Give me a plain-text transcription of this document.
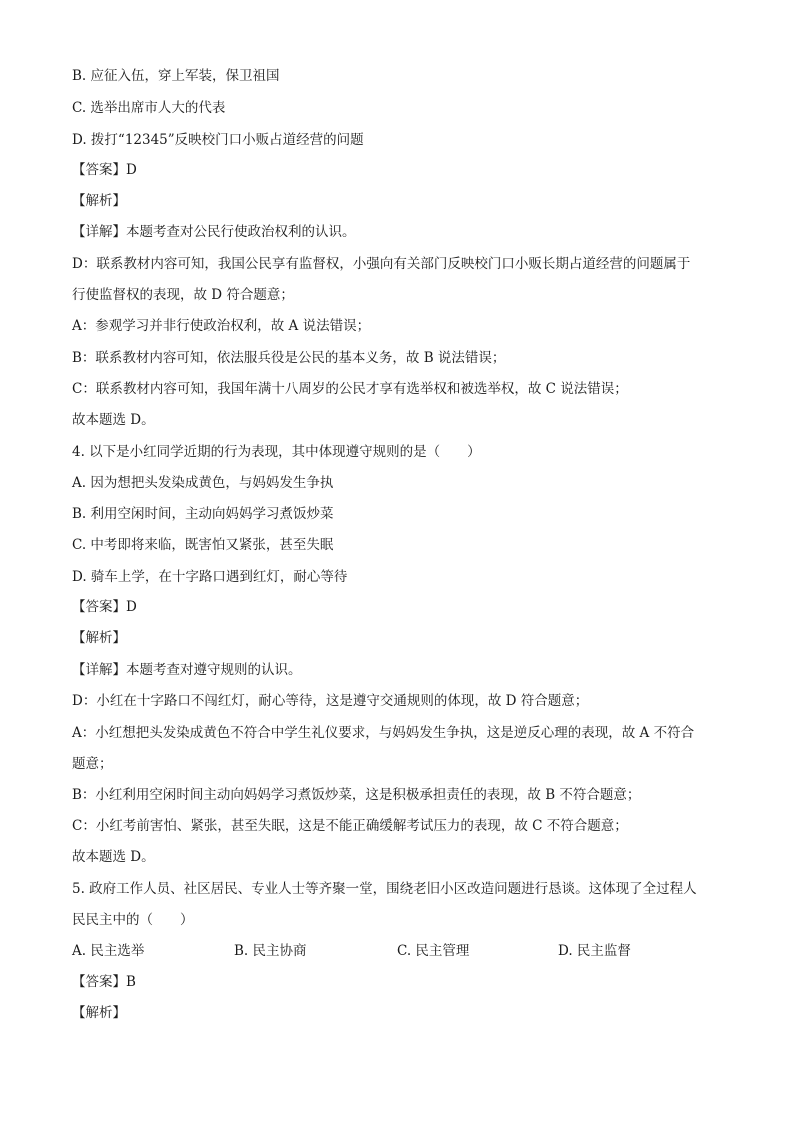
B. 应征入伍，穿上军装，保卫祖国
C. 选举出席市人大的代表
D. 拨打“12345”反映校门口小贩占道经营的问题
【答案】D
【解析】
【详解】本题考查对公民行使政治权利的认识。
D：联系教材内容可知，我国公民享有监督权，小强向有关部门反映校门口小贩长期占道经营的问题属于
行使监督权的表现，故 D 符合题意；
A：参观学习并非行使政治权利，故 A 说法错误；
B：联系教材内容可知，依法服兵役是公民的基本义务，故 B 说法错误；
C：联系教材内容可知，我国年满十八周岁的公民才享有选举权和被选举权，故 C 说法错误；
故本题选 D。
4. 以下是小红同学近期的行为表现，其中体现遵守规则的是（　　）
A. 因为想把头发染成黄色，与妈妈发生争执
B. 利用空闲时间，主动向妈妈学习煮饭炒菜
C. 中考即将来临，既害怕又紧张，甚至失眠
D. 骑车上学，在十字路口遇到红灯，耐心等待
【答案】D
【解析】
【详解】本题考查对遵守规则的认识。
D：小红在十字路口不闯红灯，耐心等待，这是遵守交通规则的体现，故 D 符合题意；
A：小红想把头发染成黄色不符合中学生礼仪要求，与妈妈发生争执，这是逆反心理的表现，故 A 不符合
题意；
B：小红利用空闲时间主动向妈妈学习煮饭炒菜，这是积极承担责任的表现，故 B 不符合题意；
C：小红考前害怕、紧张，甚至失眠，这是不能正确缓解考试压力的表现，故 C 不符合题意；
故本题选 D。
5. 政府工作人员、社区居民、专业人士等齐聚一堂，围绕老旧小区改造问题进行恳谈。这体现了全过程人
民民主中的（　　）
A. 民主选举	B. 民主协商	C. 民主管理	D. 民主监督
【答案】B
【解析】
